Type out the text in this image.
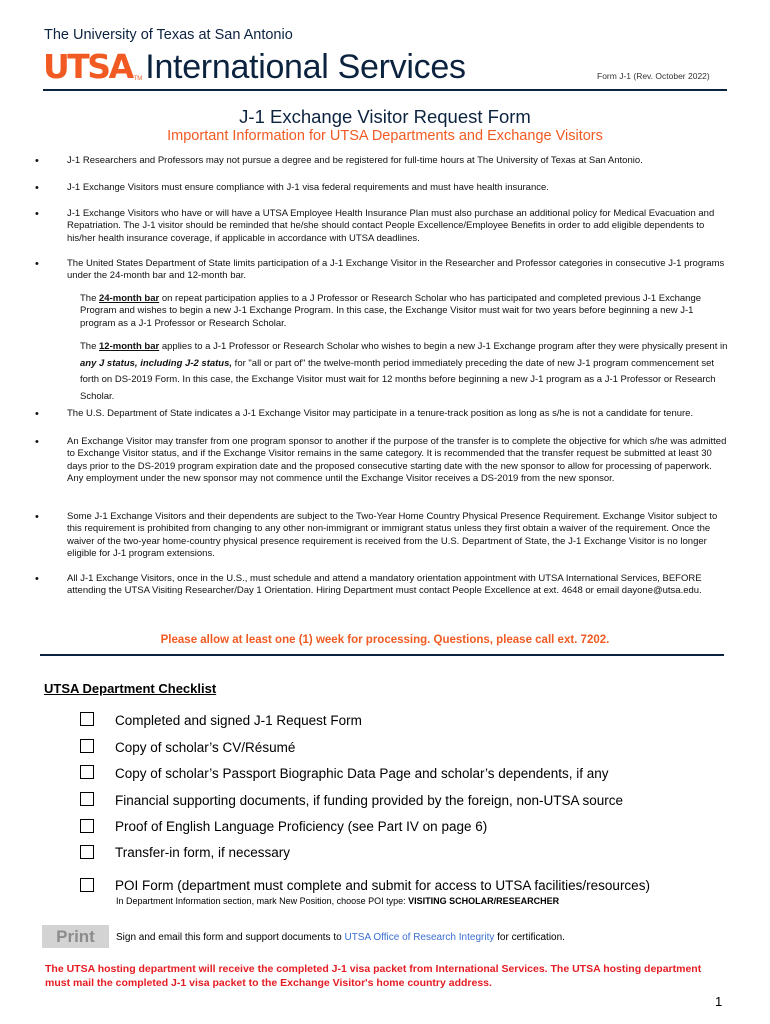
The University of Texas at San Antonio
UTSA TM International Services	Form J-1 (Rev. October 2022)
J-1 Exchange Visitor Request Form
Important Information for UTSA Departments and Exchange Visitors
• J-1 Researchers and Professors may not pursue a degree and be registered for full-time hours at The University of Texas at San Antonio.
• J-1 Exchange Visitors must ensure compliance with J-1 visa federal requirements and must have health insurance.
• J-1 Exchange Visitors who have or will have a UTSA Employee Health Insurance Plan must also purchase an additional policy for Medical Evacuation and Repatriation. The J-1 visitor should be reminded that he/she should contact People Excellence/Employee Benefits in order to add eligible dependents to his/her health insurance coverage, if applicable in accordance with UTSA deadlines.
• The United States Department of State limits participation of a J-1 Exchange Visitor in the Researcher and Professor categories in consecutive J-1 programs under the 24-month bar and 12-month bar.
The 24-month bar on repeat participation applies to a J Professor or Research Scholar who has participated and completed previous J-1 Exchange Program and wishes to begin a new J-1 Exchange Program. In this case, the Exchange Visitor must wait for two years before beginning a new J-1 program as a J-1 Professor or Research Scholar.
The 12-month bar applies to a J-1 Professor or Research Scholar who wishes to begin a new J-1 Exchange program after they were physically present in any J status, including J-2 status, for "all or part of" the twelve-month period immediately preceding the date of new J-1 program commencement set forth on DS-2019 Form. In this case, the Exchange Visitor must wait for 12 months before beginning a new J-1 program as a J-1 Professor or Research Scholar.
• The U.S. Department of State indicates a J-1 Exchange Visitor may participate in a tenure-track position as long as s/he is not a candidate for tenure.
• An Exchange Visitor may transfer from one program sponsor to another if the purpose of the transfer is to complete the objective for which s/he was admitted to Exchange Visitor status, and if the Exchange Visitor remains in the same category. It is recommended that the transfer request be submitted at least 30 days prior to the DS-2019 program expiration date and the proposed consecutive starting date with the new sponsor to allow for processing of paperwork. Any employment under the new sponsor may not commence until the Exchange Visitor receives a DS-2019 from the new sponsor.
• Some J-1 Exchange Visitors and their dependents are subject to the Two-Year Home Country Physical Presence Requirement. Exchange Visitor subject to this requirement is prohibited from changing to any other non-immigrant or immigrant status unless they first obtain a waiver of the requirement. Once the waiver of the two-year home-country physical presence requirement is received from the U.S. Department of State, the J-1 Exchange Visitor is no longer eligible for J-1 program extensions.
• All J-1 Exchange Visitors, once in the U.S., must schedule and attend a mandatory orientation appointment with UTSA International Services, BEFORE attending the UTSA Visiting Researcher/Day 1 Orientation. Hiring Department must contact People Excellence at ext. 4648 or email dayone@utsa.edu.
Please allow at least one (1) week for processing. Questions, please call ext. 7202.
UTSA Department Checklist
Completed and signed J-1 Request Form
Copy of scholar’s CV/Résumé
Copy of scholar’s Passport Biographic Data Page and scholar’s dependents, if any
Financial supporting documents, if funding provided by the foreign, non-UTSA source
Proof of English Language Proficiency (see Part IV on page 6)
Transfer-in form, if necessary
POI Form (department must complete and submit for access to UTSA facilities/resources)
In Department Information section, mark New Position, choose POI type: VISITING SCHOLAR/RESEARCHER
Print	Sign and email this form and support documents to UTSA Office of Research Integrity for certification.
The UTSA hosting department will receive the completed J-1 visa packet from International Services. The UTSA hosting department must mail the completed J-1 visa packet to the Exchange Visitor's home country address.
1
